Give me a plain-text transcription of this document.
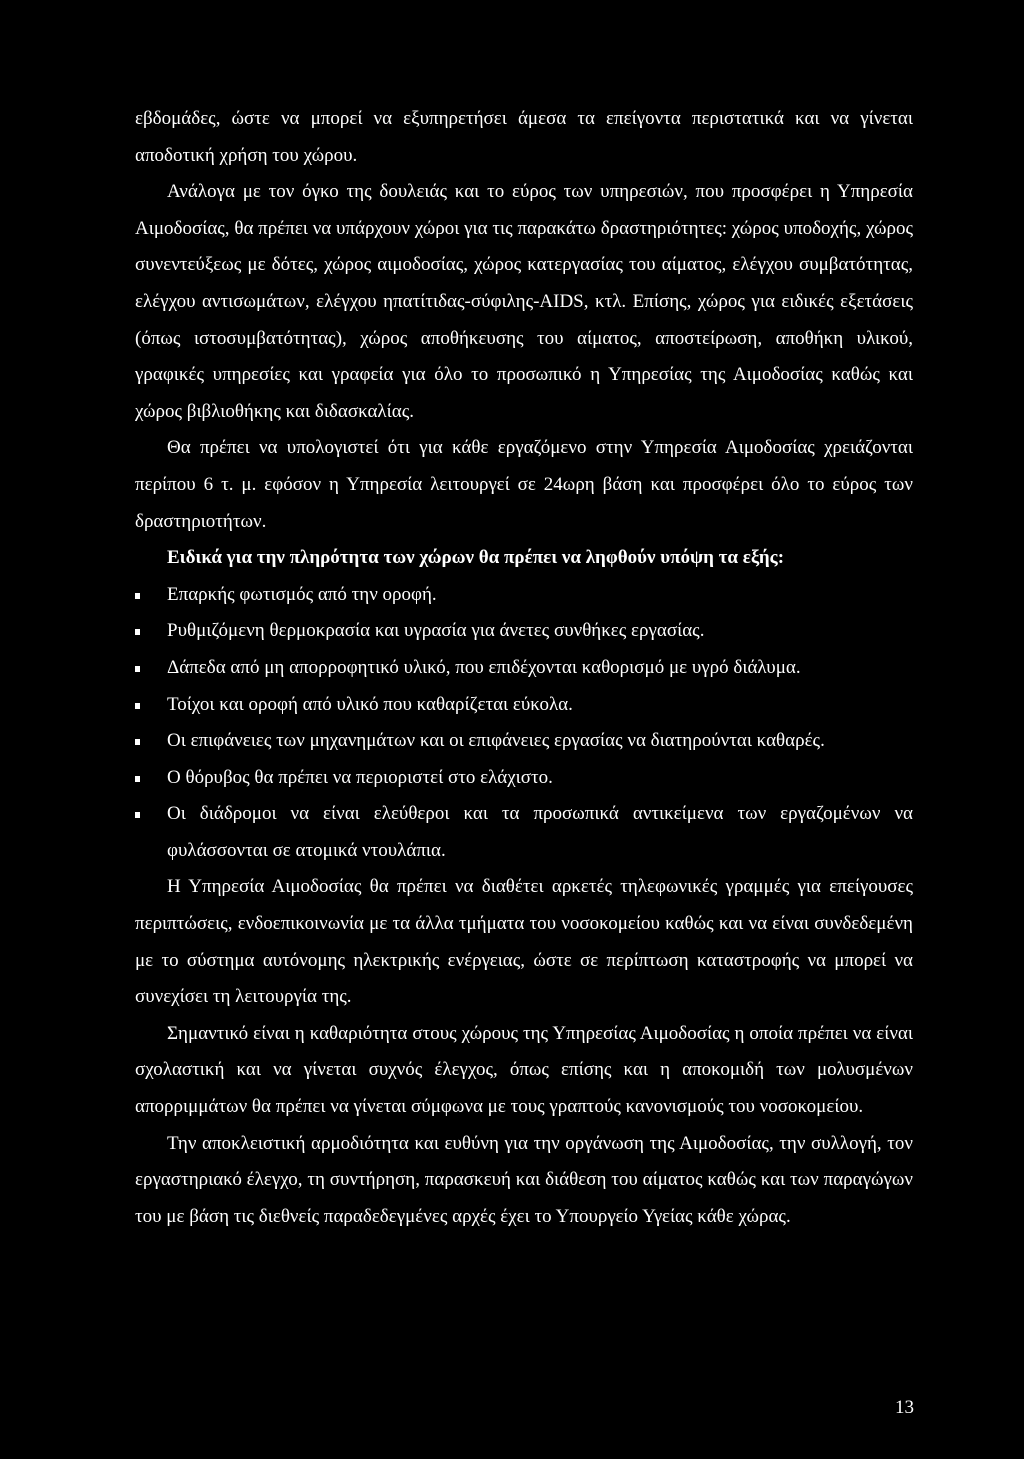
εβδομάδες, ώστε να μπορεί να εξυπηρετήσει άμεσα τα επείγοντα περιστατικά και να γίνεται αποδοτική χρήση του χώρου.

Ανάλογα με τον όγκο της δουλειάς και το εύρος των υπηρεσιών, που προσφέρει η Υπηρεσία Αιμοδοσίας, θα πρέπει να υπάρχουν χώροι για τις παρακάτω δραστηριότητες: χώρος υποδοχής, χώρος συνεντεύξεως με δότες, χώρος αιμοδοσίας, χώρος κατεργασίας του αίματος, ελέγχου συμβατότητας, ελέγχου αντισωμάτων, ελέγχου ηπατίτιδας-σύφιλης-AIDS, κτλ. Επίσης, χώρος για ειδικές εξετάσεις (όπως ιστοσυμβατότητας), χώρος αποθήκευσης του αίματος, αποστείρωση, αποθήκη υλικού, γραφικές υπηρεσίες και γραφεία για όλο το προσωπικό η Υπηρεσίας της Αιμοδοσίας καθώς και χώρος βιβλιοθήκης και διδασκαλίας.

Θα πρέπει να υπολογιστεί ότι για κάθε εργαζόμενο στην Υπηρεσία Αιμοδοσίας χρειάζονται περίπου 6 τ. μ. εφόσον η Υπηρεσία λειτουργεί σε 24ωρη βάση και προσφέρει όλο το εύρος των δραστηριοτήτων.

Ειδικά για την πληρότητα των χώρων θα πρέπει να ληφθούν υπόψη τα εξής:

Επαρκής φωτισμός από την οροφή.
Ρυθμιζόμενη θερμοκρασία και υγρασία για άνετες συνθήκες εργασίας.
Δάπεδα από μη απορροφητικό υλικό, που επιδέχονται καθορισμό με υγρό διάλυμα.
Τοίχοι και οροφή από υλικό που καθαρίζεται εύκολα.
Οι επιφάνειες των μηχανημάτων και οι επιφάνειες εργασίας να διατηρούνται καθαρές.
Ο θόρυβος θα πρέπει να περιοριστεί στο ελάχιστο.
Οι διάδρομοι να είναι ελεύθεροι και τα προσωπικά αντικείμενα των εργαζομένων να φυλάσσονται σε ατομικά ντουλάπια.

Η Υπηρεσία Αιμοδοσίας θα πρέπει να διαθέτει αρκετές τηλεφωνικές γραμμές για επείγουσες περιπτώσεις, ενδοεπικοινωνία με τα άλλα τμήματα του νοσοκομείου καθώς και να είναι συνδεδεμένη με το σύστημα αυτόνομης ηλεκτρικής ενέργειας, ώστε σε περίπτωση καταστροφής να μπορεί να συνεχίσει τη λειτουργία της.

Σημαντικό είναι η καθαριότητα στους χώρους της Υπηρεσίας Αιμοδοσίας η οποία πρέπει να είναι σχολαστική και να γίνεται συχνός έλεγχος, όπως επίσης και η αποκομιδή των μολυσμένων απορριμμάτων θα πρέπει να γίνεται σύμφωνα με τους γραπτούς κανονισμούς του νοσοκομείου.

Την αποκλειστική αρμοδιότητα και ευθύνη για την οργάνωση της Αιμοδοσίας, την συλλογή, τον εργαστηριακό έλεγχο, τη συντήρηση, παρασκευή και διάθεση του αίματος καθώς και των παραγώγων του με βάση τις διεθνείς παραδεδεγμένες αρχές έχει το Υπουργείο Υγείας κάθε χώρας.

13
